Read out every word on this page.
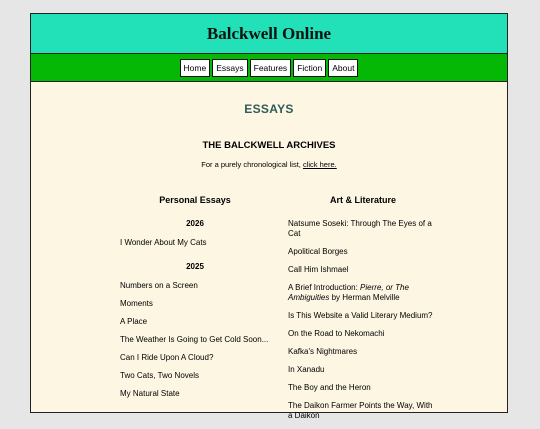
Balckwell Online
Home	Essays	Features	Fiction	About
ESSAYS
THE BALCKWELL ARCHIVES
For a purely chronological list, click here.
Personal Essays
2026
I Wonder About My Cats
2025
Numbers on a Screen
Moments
A Place
The Weather Is Going to Get Cold Soon...
Can I Ride Upon A Cloud?
Two Cats, Two Novels
My Natural State
Art & Literature
Natsume Soseki: Through The Eyes of a Cat
Apolitical Borges
Call Him Ishmael
A Brief Introduction: Pierre, or The Ambiguities by Herman Melville
Is This Website a Valid Literary Medium?
On the Road to Nekomachi
Kafka's Nightmares
In Xanadu
The Boy and the Heron
The Daikon Farmer Points the Way, With a Daikon
